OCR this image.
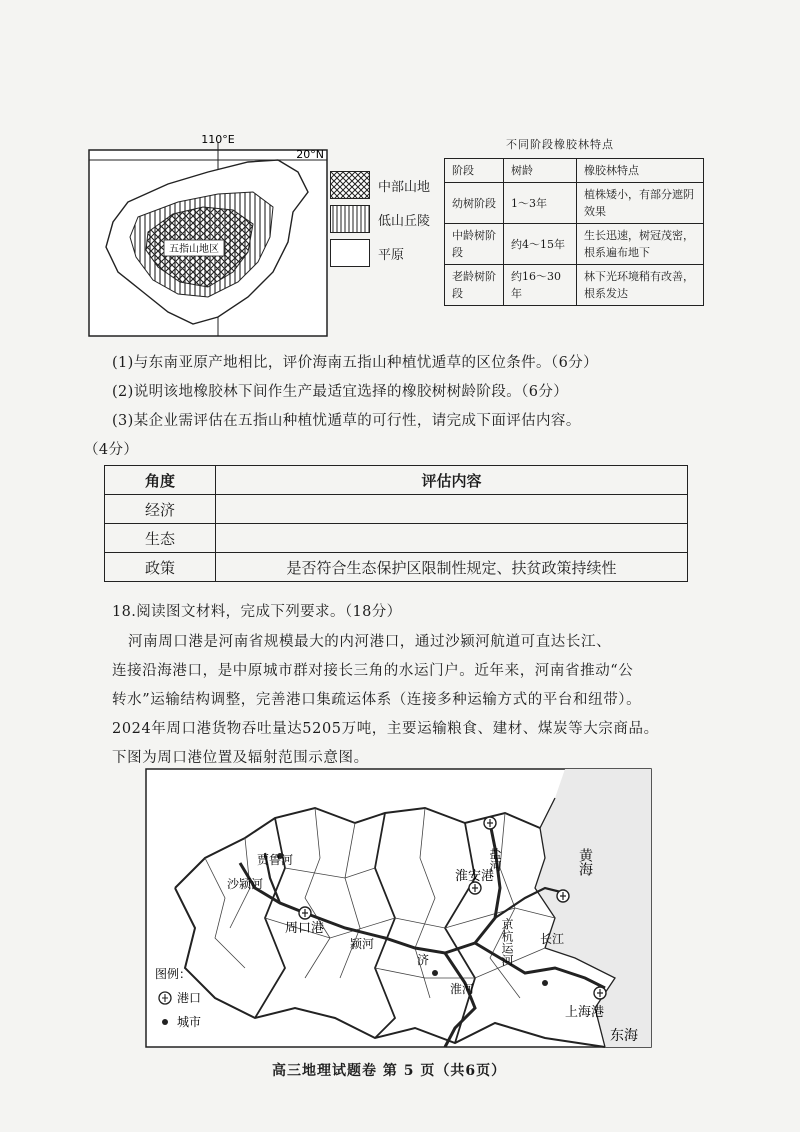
五指山地区
110°E
20°N
中部山地
低山丘陵
平原
不同阶段橡胶林特点
阶段	树龄	橡胶林特点
幼树阶段	1～3年	植株矮小，有部分遮阴效果
中龄树阶段	约4～15年	生长迅速，树冠茂密，根系遍布地下
老龄树阶段	约16～30年	林下光环境稍有改善，根系发达
(1)与东南亚原产地相比，评价海南五指山种植忧遁草的区位条件。（6分）
(2)说明该地橡胶林下间作生产最适宜选择的橡胶树树龄阶段。（6分）
(3)某企业需评估在五指山种植忧遁草的可行性，请完成下面评估内容。
（4分）
角度	评估内容
经济	
生态	
政策	是否符合生态保护区限制性规定、扶贫政策持续性
18.阅读图文材料，完成下列要求。（18分）
河南周口港是河南省规模最大的内河港口，通过沙颍河航道可直达长江、
连接沿海港口，是中原城市群对接长三角的水运门户。近年来，河南省推动“公
转水”运输结构调整，完善港口集疏运体系（连接多种运输方式的平台和纽带）。
2024年周口港货物吞吐量达5205万吨，主要运输粮食、建材、煤炭等大宗商品。
下图为周口港位置及辐射范围示意图。
黄海
东海
周口港
淮安港
上海港
沙颍河
贾鲁河
颍河
盐河
京杭运河 长江
淮河
济
图例：
港口
城市
高三地理试题卷 第 5 页（共6页）
